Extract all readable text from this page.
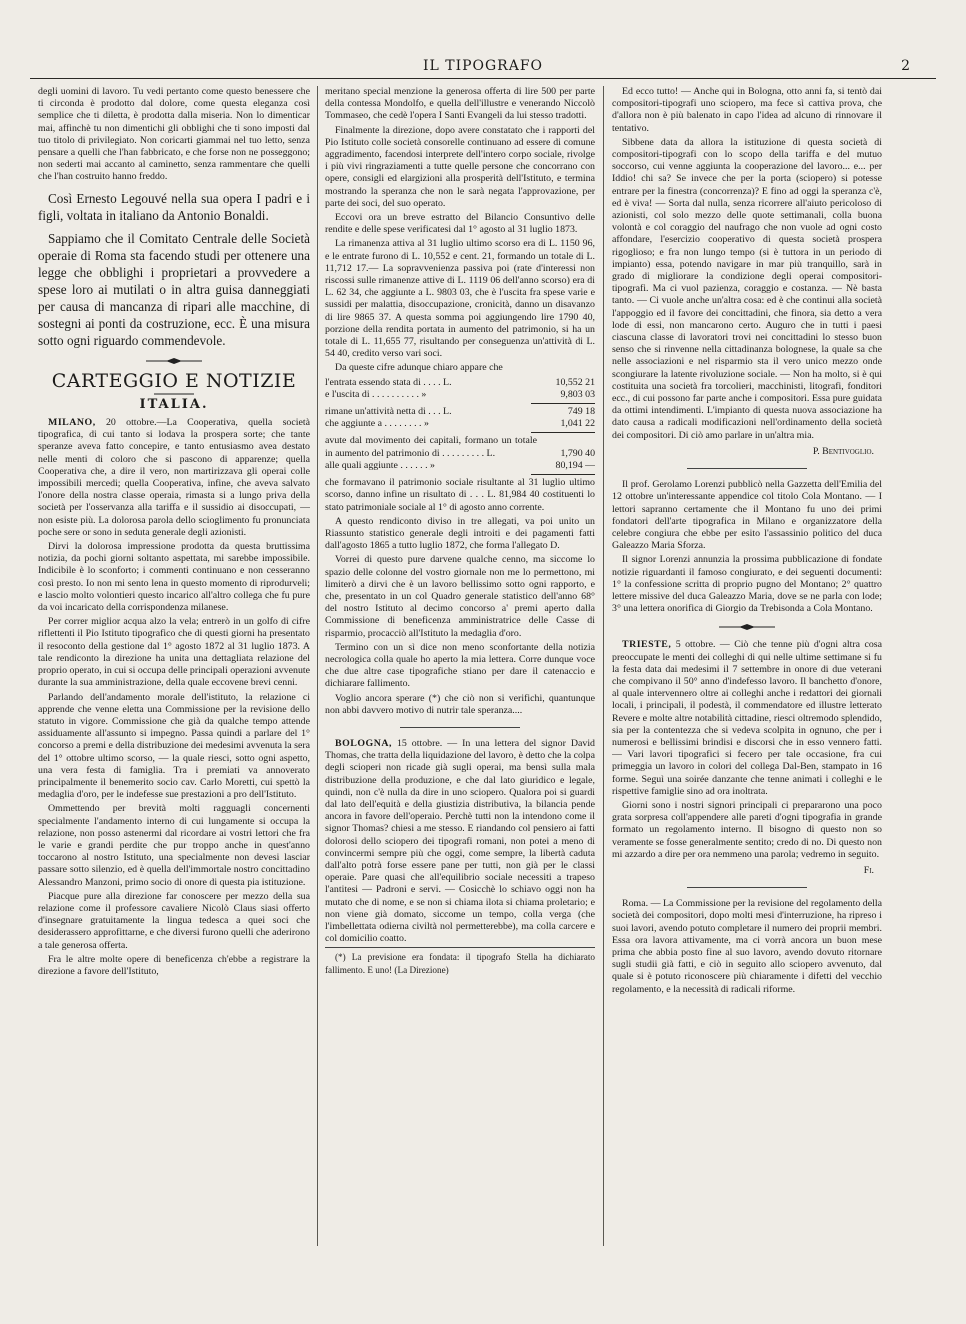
IL TIPOGRAFO	2

degli uomini di lavoro. Tu vedi pertanto come questo benessere che ti circonda è prodotto dal dolore, come questa eleganza così semplice che ti diletta, è prodotta dalla miseria. Non lo dimenticar mai, affinchè tu non dimentichi gli obblighi che ti sono imposti dal tuo titolo di privilegiato. Non coricarti giammai nel tuo letto, senza pensare a quelli che l'han fabbricato, e che forse non ne posseggono; non sederti mai accanto al caminetto, senza rammentare che quelli che l'han costruito hanno freddo.

Così Ernesto Legouvé nella sua opera I padri e i figli, voltata in italiano da Antonio Bonaldi.

Sappiamo che il Comitato Centrale delle Società operaie di Roma sta facendo studi per ottenere una legge che obblighi i proprietari a provvedere a spese loro ai mutilati o in altra guisa danneggiati per causa di mancanza di ripari alle macchine, di sostegni ai ponti da costruzione, ecc. È una misura sotto ogni riguardo commendevole.

CARTEGGIO E NOTIZIE
ITALIA.

MILANO, 20 ottobre.—La Cooperativa, quella società tipografica, di cui tanto si lodava la prospera sorte; che tante speranze aveva fatto concepire, e tanto entusiasmo avea destato nelle menti di coloro che si pascono di apparenze; quella Cooperativa che, a dire il vero, non martirizzava gli operai colle impossibili mercedi; quella Cooperativa, infine, che aveva salvato l'onore della nostra classe operaia, rimasta si a lungo priva della società per l'osservanza alla tariffa e il sussidio ai disoccupati, — non esiste più. La dolorosa parola dello scioglimento fu pronunciata poche sere or sono in seduta generale degli azionisti.

Dirvi la dolorosa impressione prodotta da questa bruttissima notizia, da pochi giorni soltanto aspettata, mi sarebbe impossibile. Indicibile è lo sconforto; i commenti continuano e non cesseranno così presto. Io non mi sento lena in questo momento di riprodurveli; e lascio molto volontieri questo incarico all'altro collega che fu pure da voi incaricato della corrispondenza milanese.

Per correr miglior acqua alzo la vela; entrerò in un golfo di cifre riflettenti il Pio Istituto tipografico che di questi giorni ha presentato il resoconto della gestione dal 1° agosto 1872 al 31 luglio 1873. A tale rendiconto la direzione ha unita una dettagliata relazione del proprio operato, in cui si occupa delle principali operazioni avvenute durante la sua amministrazione, della quale eccovene brevi cenni.

Parlando dell'andamento morale dell'istituto, la relazione ci apprende che venne eletta una Commissione per la revisione dello statuto in vigore. Commissione che già da qualche tempo attende assiduamente all'assunto si impegno. Passa quindi a parlare del 1° concorso a premi e della distribuzione dei medesimi avvenuta la sera del 1° ottobre ultimo scorso, — la quale riesci, sotto ogni aspetto, una vera festa di famiglia. Tra i premiati va annoverato principalmente il benemerito socio cav. Carlo Moretti, cui spettò la medaglia d'oro, per le indefesse sue prestazioni a pro dell'Istituto.

Ommettendo per brevità molti ragguagli concernenti specialmente l'andamento interno di cui lungamente si occupa la relazione, non posso astenermi dal ricordare ai vostri lettori che fra le varie e grandi perdite che pur troppo anche in quest'anno toccarono al nostro Istituto, una specialmente non devesi lasciar passare sotto silenzio, ed è quella dell'immortale nostro concittadino Alessandro Manzoni, primo socio di onore di questa pia istituzione.

Piacque pure alla direzione far conoscere per mezzo della sua relazione come il professore cavaliere Nicolò Claus siasi offerto d'insegnare gratuitamente la lingua tedesca a quei soci che desiderassero approfittarne, e che diversi furono quelli che aderirono a tale generosa offerta.

Fra le altre molte opere di beneficenza ch'ebbe a registrare la direzione a favore dell'Istituto,

meritano special menzione la generosa offerta di lire 500 per parte della contessa Mondolfo, e quella dell'illustre e venerando Niccolò Tommaseo, che cedè l'opera I Santi Evangeli da lui stesso tradotti.

Finalmente la direzione, dopo avere constatato che i rapporti del Pio Istituto colle società consorelle continuano ad essere di comune aggradimento, facendosi interprete dell'intero corpo sociale, rivolge i più vivi ringraziamenti a tutte quelle persone che concorrano con opere, consigli ed elargizioni alla prosperità dell'Istituto, e termina mostrando la speranza che non le sarà negata l'approvazione, per parte dei soci, del suo operato.

Eccovi ora un breve estratto del Bilancio Consuntivo delle rendite e delle spese verificatesi dal 1° agosto al 31 luglio 1873.

La rimanenza attiva al 31 luglio ultimo scorso era di L. 1150 96, e le entrate furono di L. 10,552 e cent. 21, formando un totale di L. 11,712 17.— La sopravvenienza passiva poi (rate d'interessi non riscossi sulle rimanenze attive di L. 1119 06 dell'anno scorso) era di L. 62 34, che aggiunte a L. 9803 03, che è l'uscita fra spese varie e sussidi per malattia, disoccupazione, cronicità, danno un disavanzo di lire 9865 37. A questa somma poi aggiungendo lire 1790 40, porzione della rendita portata in aumento del patrimonio, si ha un totale di L. 11,655 77, risultando per conseguenza un'attività di L. 54 40, credito verso vari soci.

Da queste cifre adunque chiaro appare che

l'entrata essendo stata di . . . . L.	10,552 21
e l'uscita di . . . . . . . . . . »	9,803 03
rimane un'attività netta di . . . L.	749 18
che aggiunte a . . . . . . . . »	1,041 22
avute dal movimento dei capitali, formano un totale in aumento del patrimonio di . . . . . . . . . L.	1,790 40
alle quali aggiunte . . . . . . »	80,194 —

che formavano il patrimonio sociale risultante al 31 luglio ultimo scorso, danno infine un risultato di . . . L. 81,984 40 costituenti lo stato patrimoniale sociale al 1° di agosto anno corrente.

A questo rendiconto diviso in tre allegati, va poi unito un Riassunto statistico generale degli introiti e dei pagamenti fatti dall'agosto 1865 a tutto luglio 1872, che forma l'allegato D.

Vorrei di questo pure darvene qualche cenno, ma siccome lo spazio delle colonne del vostro giornale non me lo permettono, mi limiterò a dirvi che è un lavoro bellissimo sotto ogni rapporto, e che, presentato in un col Quadro generale statistico dell'anno 68° del nostro Istituto al decimo concorso a' premi aperto dalla Commissione di beneficenza amministratrice delle Casse di risparmio, procacciò all'Istituto la medaglia d'oro.

Termino con un sì dice non meno sconfortante della notizia necrologica colla quale ho aperto la mia lettera. Corre dunque voce che due altre case tipografiche stiano per dare il catenaccio e dichiarare fallimento.

Voglio ancora sperare (*) che ciò non si verifichi, quantunque non abbi davvero motivo di nutrir tale speranza....

BOLOGNA, 15 ottobre. — In una lettera del signor David Thomas, che tratta della liquidazione del lavoro, è detto che la colpa degli scioperi non ricade già sugli operai, ma bensì sulla mala distribuzione della produzione, e che dal lato giuridico e legale, quindi, non c'è nulla da dire in uno sciopero. Qualora poi si guardi dal lato dell'equità e della giustizia distributiva, la bilancia pende ancora in favore dell'operaio. Perchè tutti non la intendono come il signor Thomas? chiesi a me stesso. E riandando col pensiero ai fatti dolorosi dello sciopero dei tipografi romani, non potei a meno di convincermi sempre più che oggi, come sempre, la libertà caduta dall'alto potrà forse essere pane per tutti, non già per le classi operaie. Pare quasi che all'equilibrio sociale necessiti a trapeso l'antitesi — Padroni e servi. — Cosicchè lo schiavo oggi non ha mutato che di nome, e se non si chiama ilota si chiama proletario; e non viene già domato, siccome un tempo, colla verga (che l'imbellettata odierna civiltà nol permetterebbe), ma colla carcere e col domicilio coatto.

(*) La previsione era fondata: il tipografo Stella ha dichiarato fallimento. E uno! (La Direzione)

Ed ecco tutto! — Anche qui in Bologna, otto anni fa, si tentò dai compositori-tipografi uno sciopero, ma fece sì cattiva prova, che d'allora non è più balenato in capo l'idea ad alcuno di rinnovare il tentativo.

Sibbene data da allora la istituzione di questa società di compositori-tipografi con lo scopo della tariffa e del mutuo soccorso, cui venne aggiunta la cooperazione del lavoro... e... per Iddio! chi sa? Se invece che per la porta (sciopero) si potesse entrare per la finestra (concorrenza)? E fino ad oggi la speranza c'è, ed è viva! — Sorta dal nulla, senza ricorrere all'aiuto pericoloso di azionisti, col solo mezzo delle quote settimanali, colla buona volontà e col coraggio del naufrago che non vuole ad ogni costo affondare, l'esercizio cooperativo di questa società prospera rigoglioso; e fra non lungo tempo (si è tuttora in un periodo di impianto) essa, potendo navigare in mar più tranquillo, sarà in grado di migliorare la condizione degli operai compositori-tipografi. Ma ci vuol pazienza, coraggio e costanza. — Nè basta tanto. — Ci vuole anche un'altra cosa: ed è che continui alla società l'appoggio ed il favore dei concittadini, che finora, sia detto a vera lode di essi, non mancarono certo. Auguro che in tutti i paesi ciascuna classe di lavoratori trovi nei concittadini lo stesso buon senso che si rinvenne nella cittadinanza bolognese, la quale sa che nelle associazioni e nel risparmio sta il vero unico mezzo onde scongiurare la latente rivoluzione sociale. — Non ha molto, si è qui costituita una società fra torcolieri, macchinisti, litografi, fonditori ecc., di cui possono far parte anche i compositori. Essa pure guidata da ottimi intendimenti. L'impianto di questa nuova associazione ha dato causa a radicali modificazioni nell'ordinamento della società dei compositori. Di ciò amo parlare in un'altra mia.

P. Bentivoglio.

Il prof. Gerolamo Lorenzi pubblicò nella Gazzetta dell'Emilia del 12 ottobre un'interessante appendice col titolo Cola Montano. — I lettori sapranno certamente che il Montano fu uno dei primi fondatori dell'arte tipografica in Milano e organizzatore della celebre congiura che ebbe per esito l'assassinio politico del duca Galeazzo Maria Sforza.

Il signor Lorenzi annunzia la prossima pubblicazione di fondate notizie riguardanti il famoso congiurato, e dei seguenti documenti: 1° la confessione scritta di proprio pugno del Montano; 2° quattro lettere missive del duca Galeazzo Maria, dove se ne parla con lode; 3° una lettera onorifica di Giorgio da Trebisonda a Cola Montano.

TRIESTE, 5 ottobre. — Ciò che tenne più d'ogni altra cosa preoccupate le menti dei colleghi di qui nelle ultime settimane si fu la festa data dai medesimi il 7 settembre in onore di due veterani che compivano il 50° anno d'indefesso lavoro. Il banchetto d'onore, al quale intervennero oltre ai colleghi anche i redattori dei giornali locali, i principali, il podestà, il commendatore ed illustre letterato Revere e molte altre notabilità cittadine, riesci oltremodo splendido, sia per la contentezza che si vedeva scolpita in ognuno, che per i numerosi e bellissimi brindisi e discorsi che in esso vennero fatti. — Vari lavori tipografici si fecero per tale occasione, fra cui primeggia un lavoro in colori del collega Dal-Ben, stampato in 16 forme. Seguì una soirée danzante che tenne animati i colleghi e le rispettive famiglie sino ad ora inoltrata.

Giorni sono i nostri signori principali ci prepararono una poco grata sorpresa coll'appendere alle pareti d'ogni tipografia in grande formato un regolamento interno. Il bisogno di questo non so veramente se fosse generalmente sentito; credo di no. Di questo non mi azzardo a dire per ora nemmeno una parola; vedremo in seguito.

Fi.

Roma. — La Commissione per la revisione del regolamento della società dei compositori, dopo molti mesi d'interruzione, ha ripreso i suoi lavori, avendo potuto completare il numero dei proprii membri. Essa ora lavora attivamente, ma ci vorrà ancora un buon mese prima che abbia posto fine al suo lavoro, avendo dovuto ritornare sugli studii già fatti, e ciò in seguito allo sciopero avvenuto, dal quale si è potuto riconoscere più chiaramente i difetti del vecchio regolamento, e la necessità di radicali riforme.
